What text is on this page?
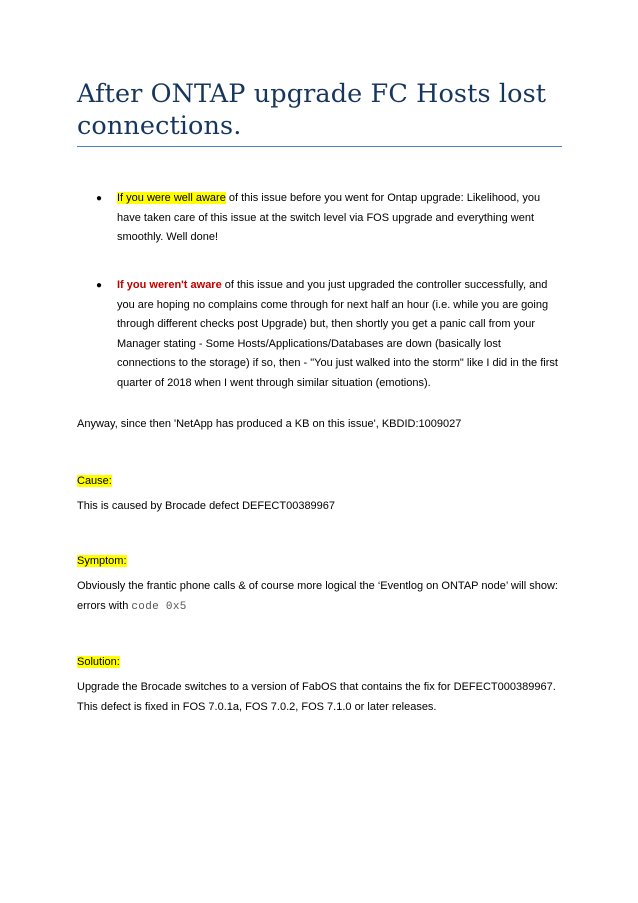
After ONTAP upgrade FC Hosts lost connections.
● If you were well aware of this issue before you went for Ontap upgrade: Likelihood, you have taken care of this issue at the switch level via FOS upgrade and everything went smoothly. Well done!
● If you weren't aware of this issue and you just upgraded the controller successfully, and you are hoping no complains come through for next half an hour (i.e. while you are going through different checks post Upgrade) but, then shortly you get a panic call from your Manager stating - Some Hosts/Applications/Databases are down (basically lost connections to the storage) if so, then - "You just walked into the storm" like I did in the first quarter of 2018 when I went through similar situation (emotions).
Anyway, since then 'NetApp has produced a KB on this issue', KBDID:1009027
Cause:
This is caused by Brocade defect DEFECT00389967
Symptom:
Obviously the frantic phone calls & of course more logical the ‘Eventlog on ONTAP node’ will show: errors with code 0x5
Solution:
Upgrade the Brocade switches to a version of FabOS that contains the fix for DEFECT000389967. This defect is fixed in FOS 7.0.1a, FOS 7.0.2, FOS 7.1.0 or later releases.
